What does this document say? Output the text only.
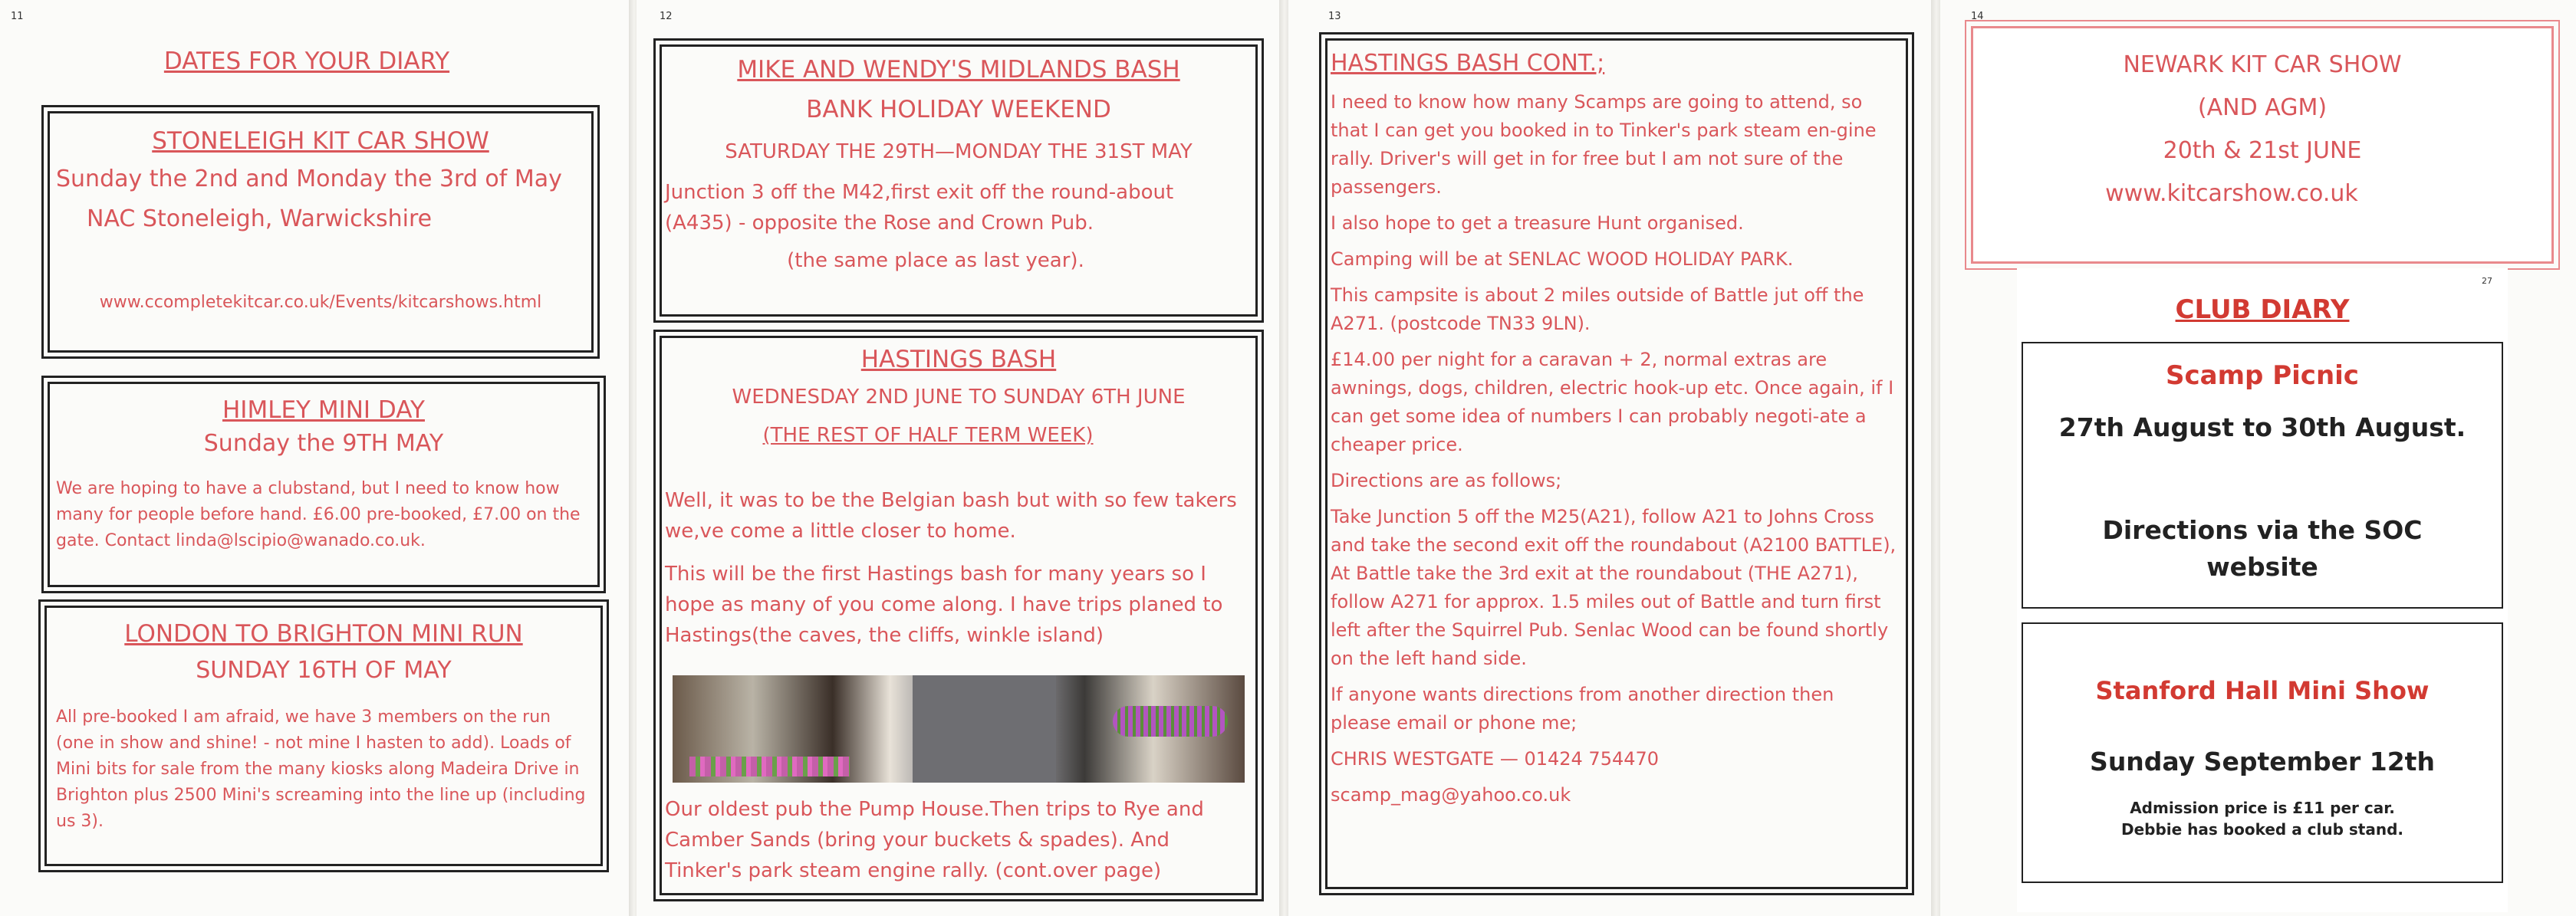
11
DATES FOR YOUR DIARY
STONELEIGH KIT CAR SHOW
Sunday the 2nd and Monday the 3rd of May
NAC Stoneleigh, Warwickshire
www.ccompletekitcar.co.uk/Events/kitcarshows.html
HIMLEY MINI DAY
Sunday the 9TH MAY
We are hoping to have a clubstand, but I need to know how many for people before hand. £6.00 pre-booked, £7.00 on the gate. Contact linda@lscipio@wanado.co.uk.
LONDON TO BRIGHTON MINI RUN
SUNDAY 16TH OF MAY
All pre-booked I am afraid, we have 3 members on the run (one in show and shine! - not mine I hasten to add). Loads of Mini bits for sale from the many kiosks along Madeira Drive in Brighton plus 2500 Mini's screaming into the line up (including us 3).
12
MIKE AND WENDY'S MIDLANDS BASH
BANK HOLIDAY WEEKEND
SATURDAY THE 29TH—MONDAY THE 31ST MAY
Junction 3 off the M42,first exit off the round-about (A435) - opposite the Rose and Crown Pub.
(the same place as last year).
HASTINGS BASH
WEDNESDAY 2ND JUNE TO SUNDAY 6TH JUNE
(THE REST OF HALF TERM WEEK)
Well, it was to be the Belgian bash but with so few takers we,ve come a little closer to home.
This will be the first Hastings bash for many years so I hope as many of you come along. I have trips planed to Hastings(the caves, the cliffs, winkle island)
Our oldest pub the Pump House.Then trips to Rye and Camber Sands (bring your buckets & spades). And Tinker's park steam engine rally. (cont.over page)
13
HASTINGS BASH CONT.;

I need to know how many Scamps are going to attend, so that I can get you booked in to Tinker's park steam en-gine rally. Driver's will get in for free but I am not sure of the passengers.

I also hope to get a treasure Hunt organised.

Camping will be at SENLAC WOOD HOLIDAY PARK.

This campsite is about 2 miles outside of Battle jut off the A271. (postcode TN33 9LN).

£14.00 per night for a caravan + 2, normal extras are awnings, dogs, children, electric hook-up etc. Once again, if I can get some idea of numbers I can probably negoti-ate a cheaper price.

Directions are as follows;

Take Junction 5 off the M25(A21), follow A21 to Johns Cross and take the second exit off the roundabout (A2100 BATTLE), At Battle take the 3rd exit at the roundabout (THE A271), follow A271 for approx. 1.5 miles out of Battle and turn first left after the Squirrel Pub. Senlac Wood can be found shortly on the left hand side.

If anyone wants directions from another direction then please email or phone me;

CHRIS WESTGATE — 01424 754470

scamp_mag@yahoo.co.uk

14
NEWARK KIT CAR SHOW
(AND AGM)
20th & 21st JUNE
www.kitcarshow.co.uk
27
CLUB DIARY
Scamp Picnic
27th August to 30th August.
Directions via the SOC website
Stanford Hall Mini Show
Sunday September 12th
Admission price is £11 per car.
Debbie has booked a club stand.
